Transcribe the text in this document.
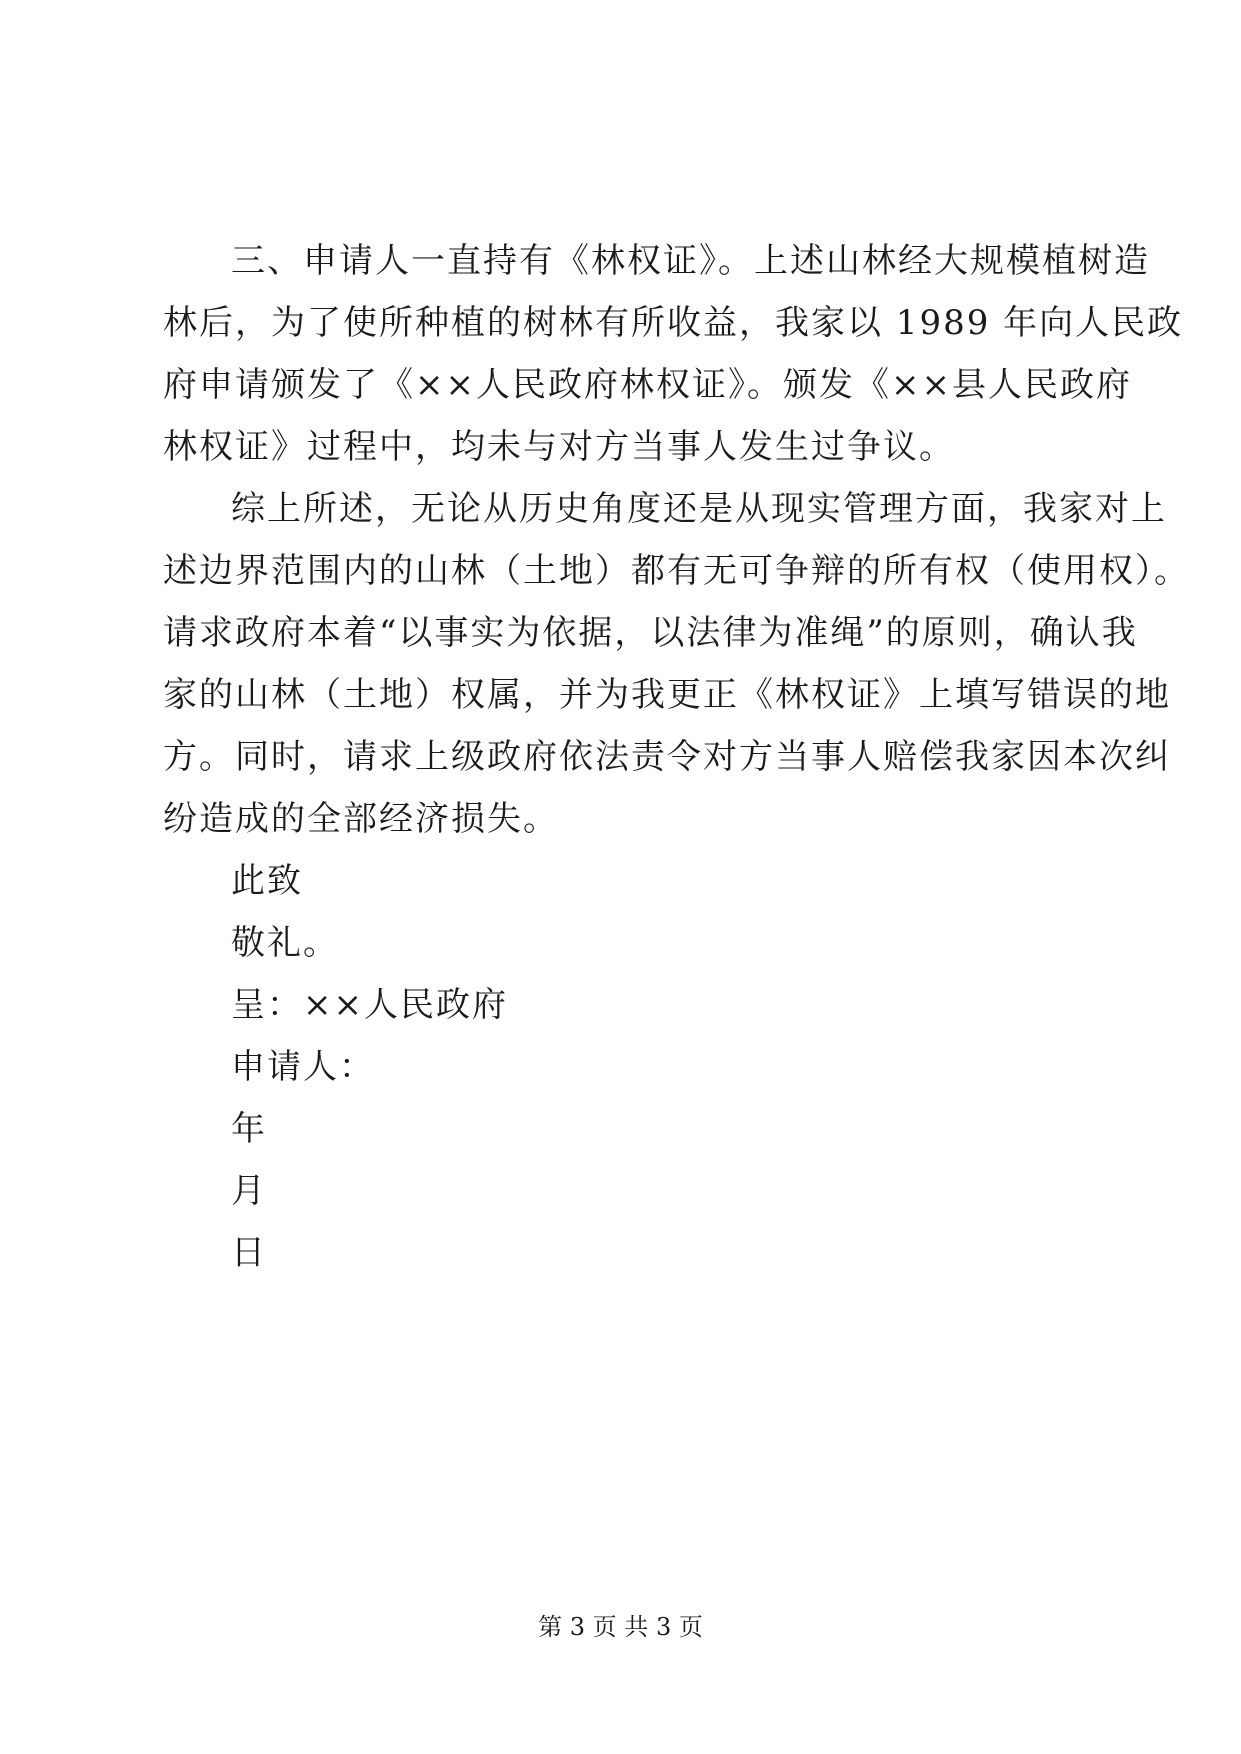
三、申请人一直持有《林权证》。上述山林经大规模植树造
林后，为了使所种植的树林有所收益，我家以 1989 年向人民政
府申请颁发了《××人民政府林权证》。颁发《××县人民政府
林权证》过程中，均未与对方当事人发生过争议。
综上所述，无论从历史角度还是从现实管理方面，我家对上
述边界范围内的山林（土地）都有无可争辩的所有权（使用权）。
请求政府本着“以事实为依据，以法律为准绳”的原则，确认我
家的山林（土地）权属，并为我更正《林权证》上填写错误的地
方。同时，请求上级政府依法责令对方当事人赔偿我家因本次纠
纷造成的全部经济损失。
此致
敬礼。
呈：××人民政府
申请人：
年
月
日
第 3 页 共 3 页
